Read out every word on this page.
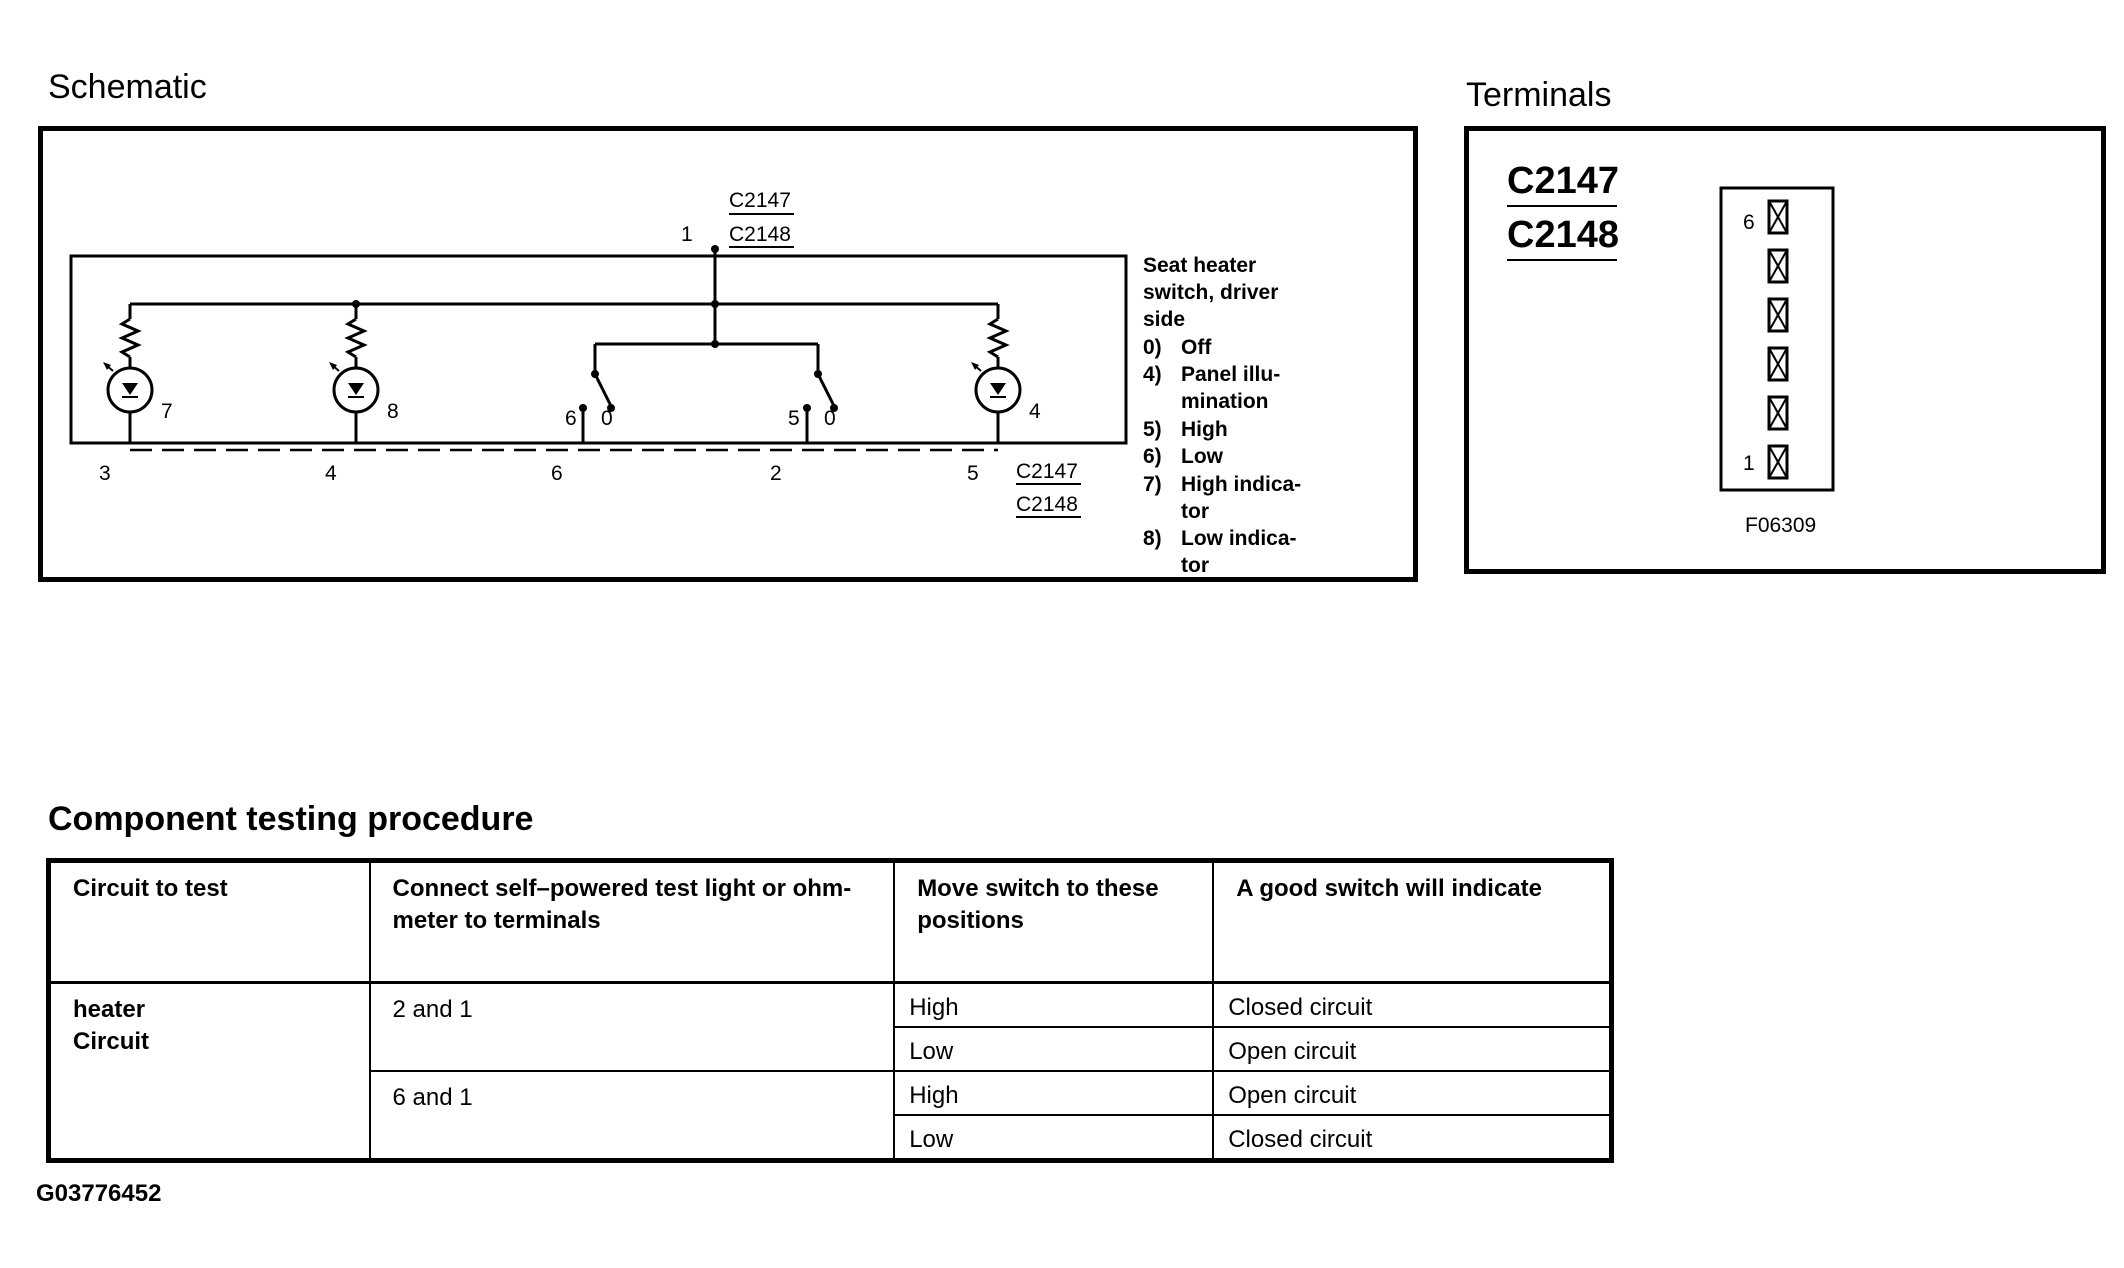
Schematic	Terminals
C2147
C2148
1
7	8	4
6 0	5 0
3	4	6	2	5 C2147
C2148
Seat heater
switch, driver
side
0) Off
4) Panel illu-
mination
5) High
6) Low
7) High indica-
tor
8) Low indica-
tor
C2147
C2148	6
1
F06309
Component testing procedure
Circuit to test	Connect self–powered test light or ohm-meter to terminals	Move switch to these positions	A good switch will indicate

heater
Circuit	2 and 1	High	Closed circuit
		Low	Open circuit
	6 and 1	High	Open circuit
		Low	Closed circuit
G03776452
